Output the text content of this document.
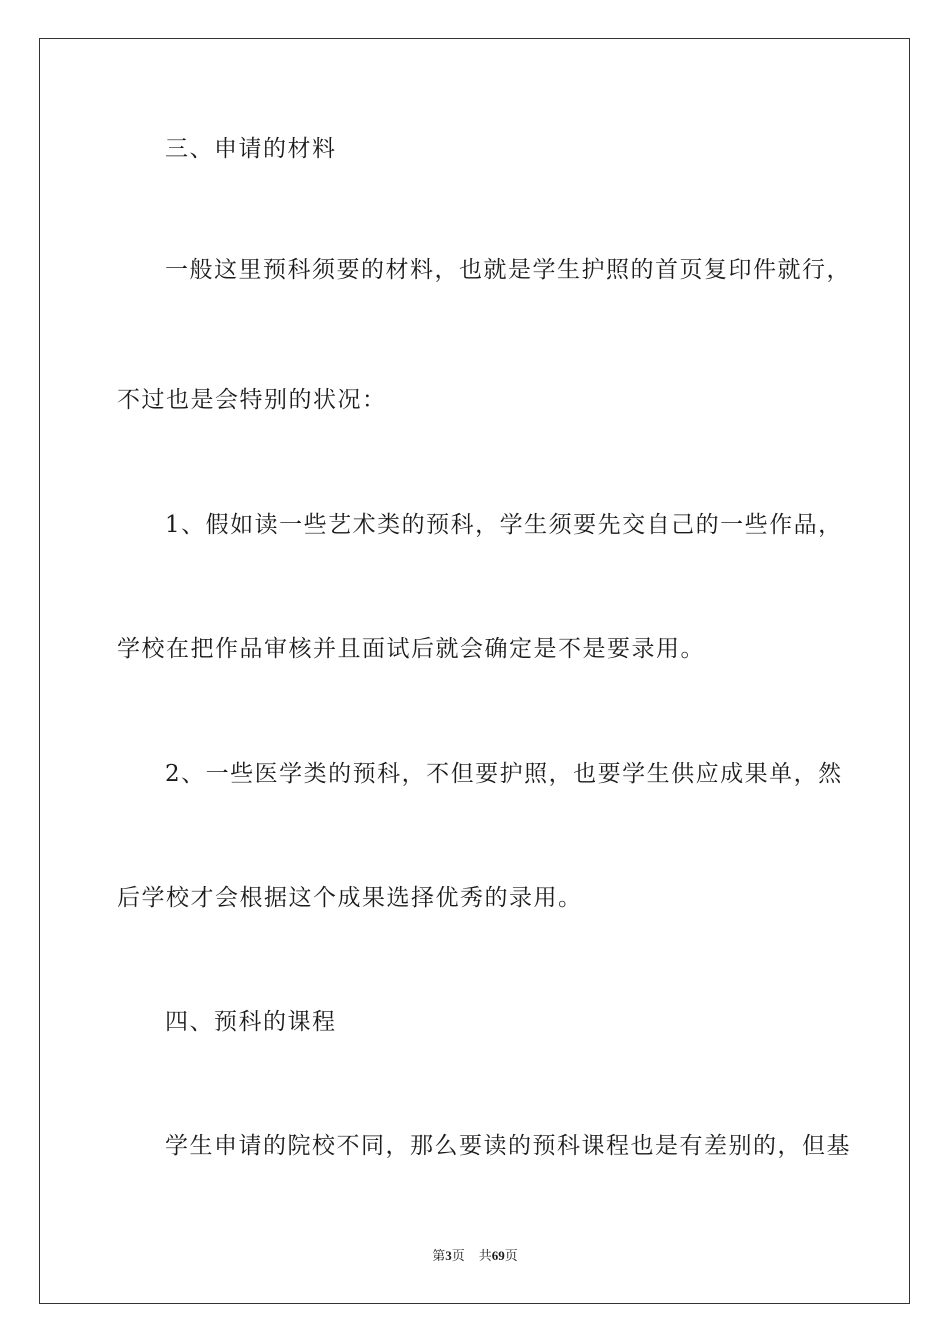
三、申请的材料
一般这里预科须要的材料，也就是学生护照的首页复印件就行，
不过也是会特别的状况：
1、假如读一些艺术类的预科，学生须要先交自己的一些作品，
学校在把作品审核并且面试后就会确定是不是要录用。
2、一些医学类的预科，不但要护照，也要学生供应成果单，然
后学校才会根据这个成果选择优秀的录用。
四、预科的课程
学生申请的院校不同，那么要读的预科课程也是有差别的，但基
第3页 共69页
